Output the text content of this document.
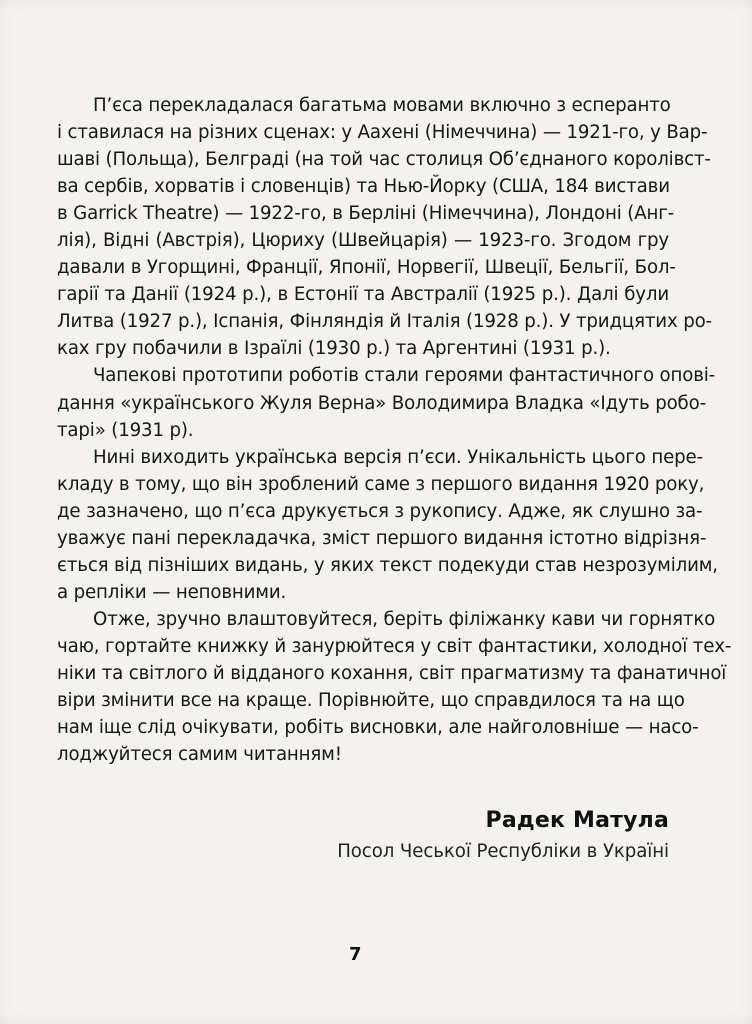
П’єса перекладалася багатьма мовами включно з есперанто
і ставилася на різних сценах: у Аахені (Німеччина) — 1921-го, у Вар-
шаві (Польща), Белграді (на той час столиця Об’єднаного королівст-
ва сербів, хорватів і словенців) та Нью-Йорку (США, 184 вистави
в Garrick Theatre) — 1922-го, в Берліні (Німеччина), Лондоні (Анг-
лія), Відні (Австрія), Цюриху (Швейцарія) — 1923-го. Згодом гру
давали в Угорщині, Франції, Японії, Норвегії, Швеції, Бельгії, Бол-
гарії та Данії (1924 р.), в Естонії та Австралії (1925 р.). Далі були
Литва (1927 р.), Іспанія, Фінляндія й Італія (1928 р.). У тридцятих ро-
ках гру побачили в Ізраїлі (1930 р.) та Аргентині (1931 р.).

Чапекові прототипи роботів стали героями фантастичного опові-
дання «українського Жуля Верна» Володимира Владка «Ідуть робо-
тарі» (1931 р).

Нині виходить українська версія п’єси. Унікальність цього пере-
кладу в тому, що він зроблений саме з першого видання 1920 року,
де зазначено, що п’єса друкується з рукопису. Адже, як слушно за-
уважує пані перекладачка, зміст першого видання істотно відрізня-
ється від пізніших видань, у яких текст подекуди став незрозумілим,
а репліки — неповними.

Отже, зручно влаштовуйтеся, беріть філіжанку кави чи горнятко
чаю, гортайте книжку й занурюйтеся у світ фантастики, холодної тех-
ніки та світлого й відданого кохання, світ прагматизму та фанатичної
віри змінити все на краще. Порівнюйте, що справдилося та на що
нам іще слід очікувати, робіть висновки, але найголовніше — насо-
лоджуйтеся самим читанням!

Радек Матула
Посол Чеської Республіки в Україні
7
